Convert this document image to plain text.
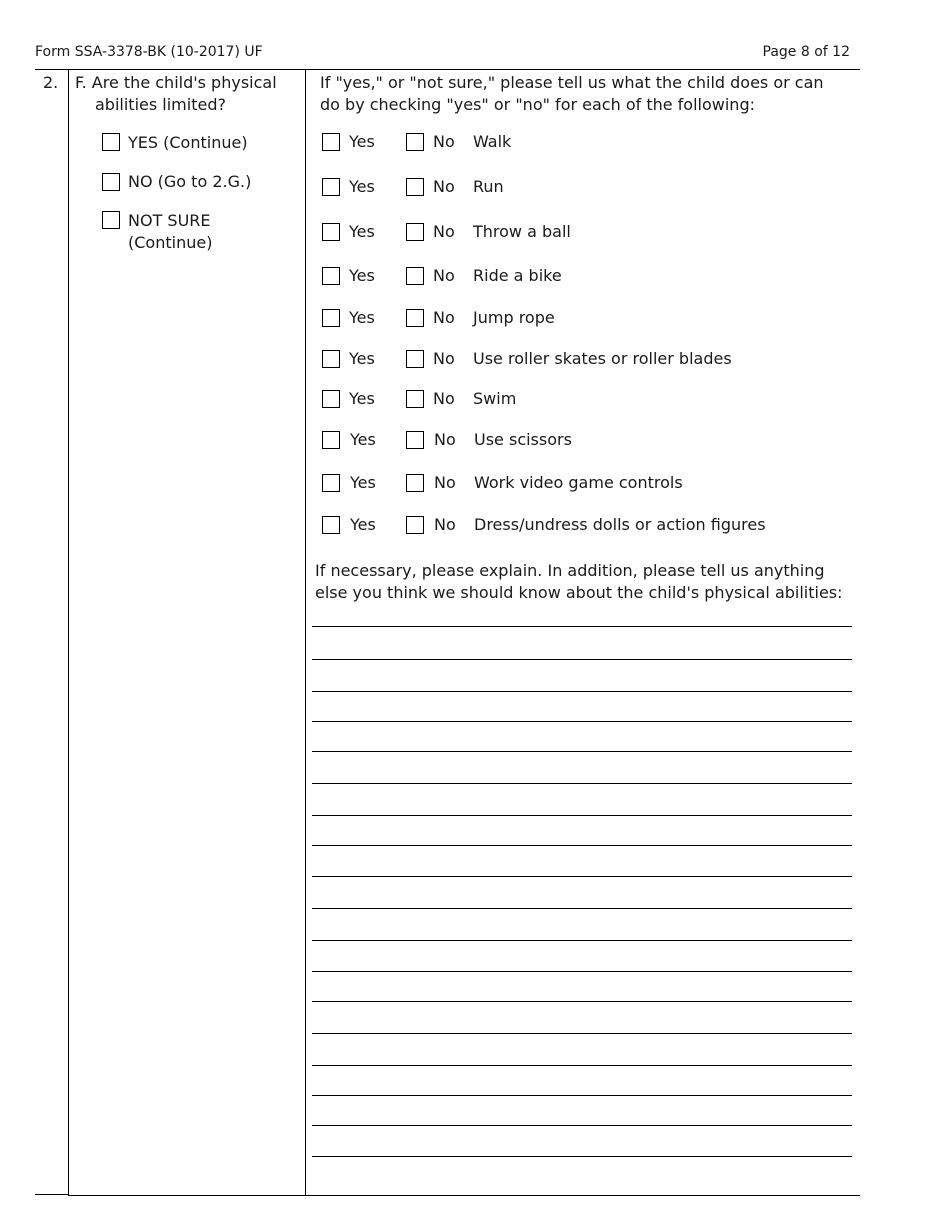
Form SSA-3378-BK (10-2017) UF	Page 8 of 12
2. F. Are the child's physical
abilities limited?
YES (Continue)
NO (Go to 2.G.)
NOT SURE
(Continue)
If "yes," or "not sure," please tell us what the child does or can
do by checking "yes" or "no" for each of the following:
Yes	No Walk
Yes	No Run
Yes	No Throw a ball
Yes	No Ride a bike
Yes	No Jump rope
Yes	No Use roller skates or roller blades
Yes	No Swim
Yes	No Use scissors
Yes	No Work video game controls
Yes	No Dress/undress dolls or action figures
If necessary, please explain. In addition, please tell us anything
else you think we should know about the child's physical abilities:
